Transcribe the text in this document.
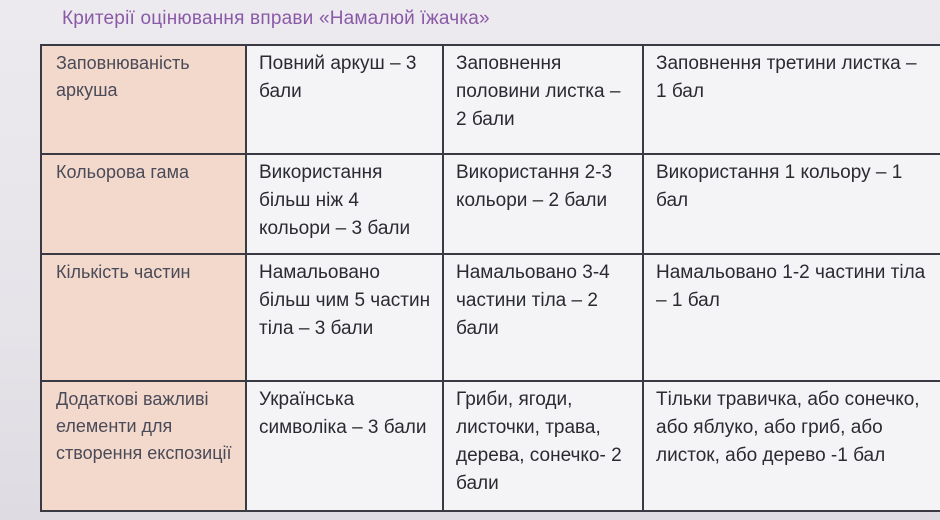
Критерії оцінювання вправи «Намалюй їжачка»
Заповнюваність аркуша	Повний аркуш – 3 бали	Заповнення половини листка – 2 бали	Заповнення третини листка – 1 бал

Кольорова гама	Використання більш ніж 4 кольори – 3 бали	Використання 2-3 кольори – 2 бали	Використання 1 кольору – 1 бал

Кількість частин	Намальовано більш чим 5 частин тіла – 3 бали	Намальовано 3-4 частини тіла – 2 бали	Намальовано 1-2 частини тіла – 1 бал

Додаткові важливі елементи для створення експозиції	Українська символіка – 3 бали	Гриби, ягоди, листочки, трава, дерева, сонечко- 2 бали	Тільки травичка, або сонечко, або яблуко, або гриб, або листок, або дерево -1 бал
